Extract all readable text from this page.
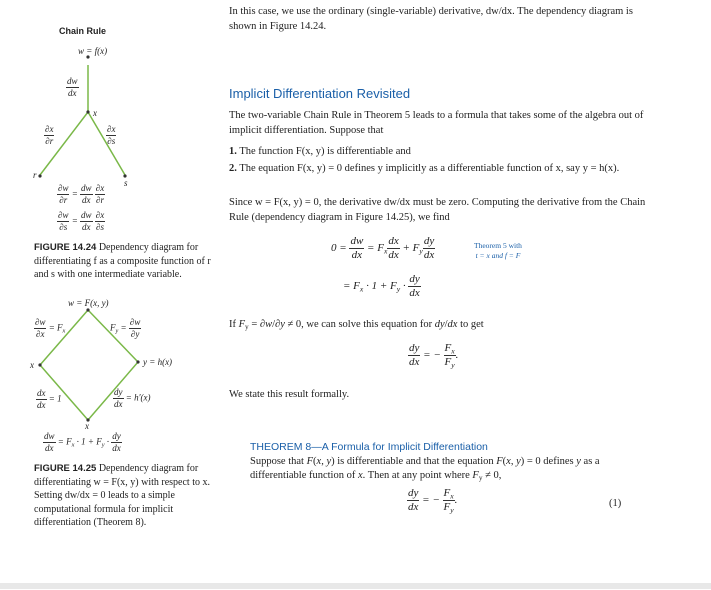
Chain Rule
w = f(x)
$\frac{dw}{dx}$
x
$\frac{\partial x}{\partial r}$	$\frac{\partial x}{\partial s}$
r
s
$\frac{\partial w}{\partial r} = \frac{dw}{dx}$
$\frac{\partial x}{\partial r}$
$\frac{\partial w}{\partial s} = \frac{dw}{dx}$
$\frac{\partial x}{\partial s}$
FIGURE 14.24 Dependency diagram for differentiating f as a composite function of r and s with one intermediate variable.
w = F(x, y)
$\frac{\partial w}{\partial x} = F_x$	$F_y = \frac{\partial w}{\partial y}$
x	y = h(x)
$\frac{dx}{dx} = 1$	$\frac{dy}{dx} = h'(x)$
x
$\frac{dw}{dx} = F_x \cdot 1 + F_y \cdot \frac{dy}{dx}$
FIGURE 14.25 Dependency diagram for differentiating w = F(x, y) with respect to x. Setting dw/dx = 0 leads to a simple computational formula for implicit differentiation (Theorem 8).
In this case, we use the ordinary (single-variable) derivative, dw/dx. The dependency diagram is shown in Figure 14.24.
Implicit Differentiation Revisited
The two-variable Chain Rule in Theorem 5 leads to a formula that takes some of the algebra out of implicit differentiation. Suppose that
1. The function F(x, y) is differentiable and
2. The equation F(x, y) = 0 defines y implicitly as a differentiable function of x, say y = h(x).
Since w = F(x, y) = 0, the derivative dw/dx must be zero. Computing the derivative from the Chain Rule (dependency diagram in Figure 14.25), we find
$0 = \frac{dw}{dx} = F_x \frac{dx}{dx} + F_y \frac{dy}{dx}$	Theorem 5 with
t = x and f = F
= $F_x \cdot 1 + F_y \cdot \frac{dy}{dx}$
If $F_y = \partial w/\partial y \ne 0$, we can solve this equation for dy/dx to get
$\frac{dy}{dx}$ = − $\frac{F_x}{F_y}$ .
We state this result formally.
THEOREM 8—A Formula for Implicit Differentiation
Suppose that F(x, y) is differentiable and that the equation F(x, y) = 0 defines y as a differentiable function of x. Then at any point where $F_y \ne 0$,
$\frac{dy}{dx}$ = − $\frac{F_x}{F_y}$ .	(1)
